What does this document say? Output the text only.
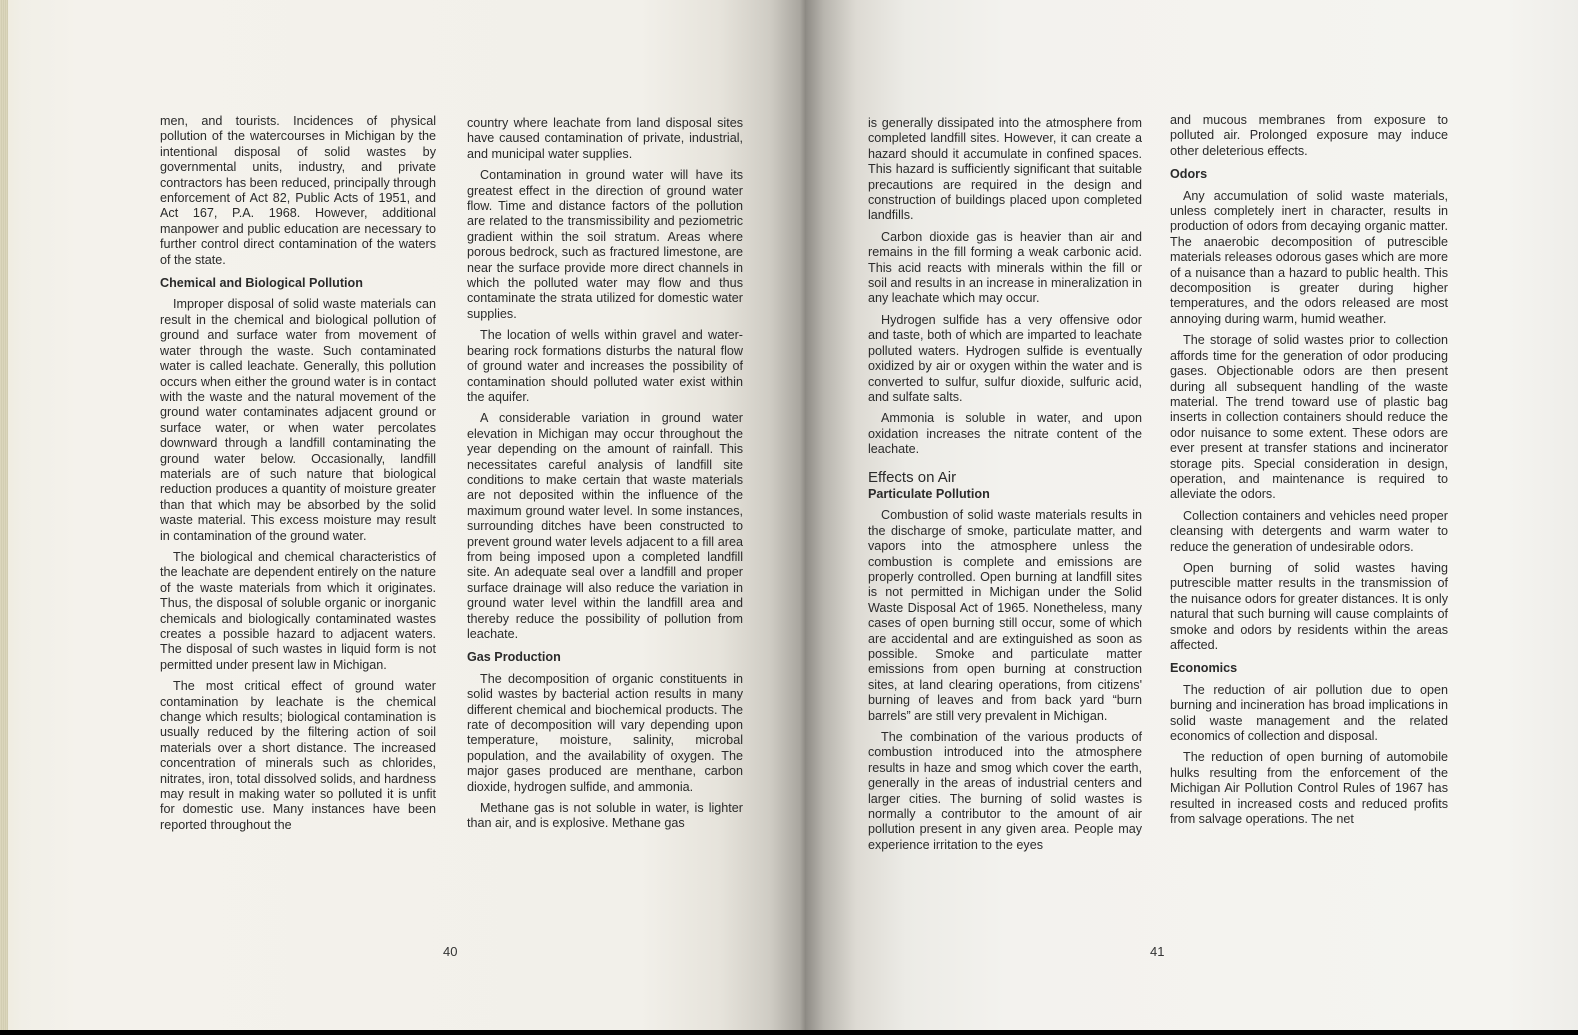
men, and tourists. Incidences of physical pollution of the watercourses in Michigan by the intentional disposal of solid wastes by governmental units, industry, and private contractors has been reduced, principally through enforcement of Act 82, Public Acts of 1951, and Act 167, P.A. 1968. However, additional manpower and public education are necessary to further control direct contamination of the waters of the state.

Chemical and Biological Pollution

Improper disposal of solid waste materials can result in the chemical and biological pollution of ground and surface water from movement of water through the waste. Such contaminated water is called leachate. Generally, this pollution occurs when either the ground water is in contact with the waste and the natural movement of the ground water contaminates adjacent ground or surface water, or when water percolates downward through a landfill contaminating the ground water below. Occasionally, landfill materials are of such nature that biological reduction produces a quantity of moisture greater than that which may be absorbed by the solid waste material. This excess moisture may result in contamination of the ground water.

The biological and chemical characteristics of the leachate are dependent entirely on the nature of the waste materials from which it originates. Thus, the disposal of soluble organic or inorganic chemicals and biologically contaminated wastes creates a possible hazard to adjacent waters. The disposal of such wastes in liquid form is not permitted under present law in Michigan.

The most critical effect of ground water contamination by leachate is the chemical change which results; biological contamination is usually reduced by the filtering action of soil materials over a short distance. The increased concentration of minerals such as chlorides, nitrates, iron, total dissolved solids, and hardness may result in making water so polluted it is unfit for domestic use. Many instances have been reported throughout the

country where leachate from land disposal sites have caused contamination of private, industrial, and municipal water supplies.

Contamination in ground water will have its greatest effect in the direction of ground water flow. Time and distance factors of the pollution are related to the transmissibility and peziometric gradient within the soil stratum. Areas where porous bedrock, such as fractured limestone, are near the surface provide more direct channels in which the polluted water may flow and thus contaminate the strata utilized for domestic water supplies.

The location of wells within gravel and water-bearing rock formations disturbs the natural flow of ground water and increases the possibility of contamination should polluted water exist within the aquifer.

A considerable variation in ground water elevation in Michigan may occur throughout the year depending on the amount of rainfall. This necessitates careful analysis of landfill site conditions to make certain that waste materials are not deposited within the influence of the maximum ground water level. In some instances, surrounding ditches have been constructed to prevent ground water levels adjacent to a fill area from being imposed upon a completed landfill site. An adequate seal over a landfill and proper surface drainage will also reduce the variation in ground water level within the landfill area and thereby reduce the possibility of pollution from leachate.

Gas Production

The decomposition of organic constituents in solid wastes by bacterial action results in many different chemical and biochemical products. The rate of decomposition will vary depending upon temperature, moisture, salinity, microbal population, and the availability of oxygen. The major gases produced are menthane, carbon dioxide, hydrogen sulfide, and ammonia.

Methane gas is not soluble in water, is lighter than air, and is explosive. Methane gas

40

is generally dissipated into the atmosphere from completed landfill sites. However, it can create a hazard should it accumulate in confined spaces. This hazard is sufficiently significant that suitable precautions are required in the design and construction of buildings placed upon completed landfills.

Carbon dioxide gas is heavier than air and remains in the fill forming a weak carbonic acid. This acid reacts with minerals within the fill or soil and results in an increase in mineralization in any leachate which may occur.

Hydrogen sulfide has a very offensive odor and taste, both of which are imparted to leachate polluted waters. Hydrogen sulfide is eventually oxidized by air or oxygen within the water and is converted to sulfur, sulfur dioxide, sulfuric acid, and sulfate salts.

Ammonia is soluble in water, and upon oxidation increases the nitrate content of the leachate.

Effects on Air
Particulate Pollution

Combustion of solid waste materials results in the discharge of smoke, particulate matter, and vapors into the atmosphere unless the combustion is complete and emissions are properly controlled. Open burning at landfill sites is not permitted in Michigan under the Solid Waste Disposal Act of 1965. Nonetheless, many cases of open burning still occur, some of which are accidental and are extinguished as soon as possible. Smoke and particulate matter emissions from open burning at construction sites, at land clearing operations, from citizens' burning of leaves and from back yard “burn barrels” are still very prevalent in Michigan.

The combination of the various products of combustion introduced into the atmosphere results in haze and smog which cover the earth, generally in the areas of industrial centers and larger cities. The burning of solid wastes is normally a contributor to the amount of air pollution present in any given area. People may experience irritation to the eyes

and mucous membranes from exposure to polluted air. Prolonged exposure may induce other deleterious effects.

Odors

Any accumulation of solid waste materials, unless completely inert in character, results in production of odors from decaying organic matter. The anaerobic decomposition of putrescible materials releases odorous gases which are more of a nuisance than a hazard to public health. This decomposition is greater during higher temperatures, and the odors released are most annoying during warm, humid weather.

The storage of solid wastes prior to collection affords time for the generation of odor producing gases. Objectionable odors are then present during all subsequent handling of the waste material. The trend toward use of plastic bag inserts in collection containers should reduce the odor nuisance to some extent. These odors are ever present at transfer stations and incinerator storage pits. Special consideration in design, operation, and maintenance is required to alleviate the odors.

Collection containers and vehicles need proper cleansing with detergents and warm water to reduce the generation of undesirable odors.

Open burning of solid wastes having putrescible matter results in the transmission of the nuisance odors for greater distances. It is only natural that such burning will cause complaints of smoke and odors by residents within the areas affected.

Economics

The reduction of air pollution due to open burning and incineration has broad implications in solid waste management and the related economics of collection and disposal.

The reduction of open burning of automobile hulks resulting from the enforcement of the Michigan Air Pollution Control Rules of 1967 has resulted in increased costs and reduced profits from salvage operations. The net

41
